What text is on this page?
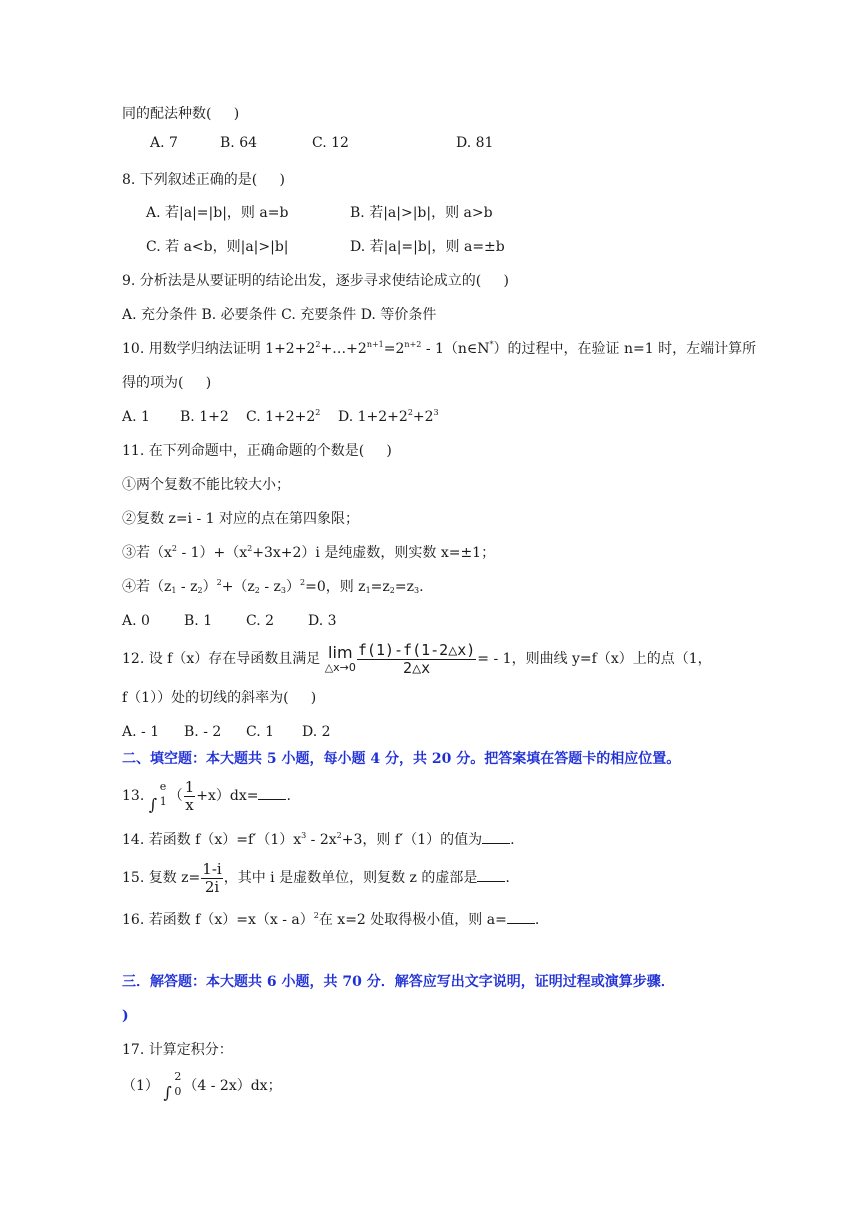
同的配法种数(     )
A. 7	B. 64	C. 12	D. 81
8. 下列叙述正确的是(     )
A. 若|a|=|b|，则 a=b	B. 若|a|>|b|，则 a>b
C. 若 a<b，则|a|>|b|	D. 若|a|=|b|，则 a=±b
9. 分析法是从要证明的结论出发，逐步寻求使结论成立的(     )
A. 充分条件 B. 必要条件 C. 充要条件 D. 等价条件
10. 用数学归纳法证明 $1+2+2^2+\dots+2^{n+1}=2^{n+2}$ - 1（n∈N*）的过程中，在验证 n=1 时，左端计算所
得的项为(     )
A. 1 B. 1+2 C. $1+2+2^2$ D. $1+2+2^2+2^3$
11. 在下列命题中，正确命题的个数是(     )
①两个复数不能比较大小；
②复数 z=i - 1 对应的点在第四象限；
③若$(x^2 - 1)+(x^2+3x+2)i$ 是纯虚数，则实数 x=±1；
④若$(z_1 - z_2)^2+(z_2 - z_3)^2=0$，则 $z_1=z_2=z_3$.
A. 0 B. 1 C. 2 D. 3
12. 设 f（x）存在导函数且满足 lim
△x→0 $\frac{f(1)-f(1-2\triangle x)}{2\triangle x}$ = - 1，则曲线 y=f（x）上的点（1，
f（1））处的切线的斜率为(     )
A. - 1 B. - 2 C. 1 D. 2
二、填空题：本大题共 5 小题，每小题 4 分，共 20 分。把答案填在答题卡的相应位置。
13. ∫
e
1 （ $\frac{1}{x} +x)dx=$ .
14. 若函数 $f(x)=f'(1)x^3 - 2x^2+3$，则 f′（1）的值为 .
15. 复数 $z= \frac{1-i}{2i}$ ，其中 i 是虚数单位，则复数 z 的虚部是 .
16. 若函数 f（x）=x（x - a）$^2$在 x=2 处取得极小值，则 a= .
三．解答题：本大题共 6 小题，共 70 分．解答应写出文字说明，证明过程或演算步骤．
)
17. 计算定积分：
（1） ∫
2
0 （4 - 2x）dx；
